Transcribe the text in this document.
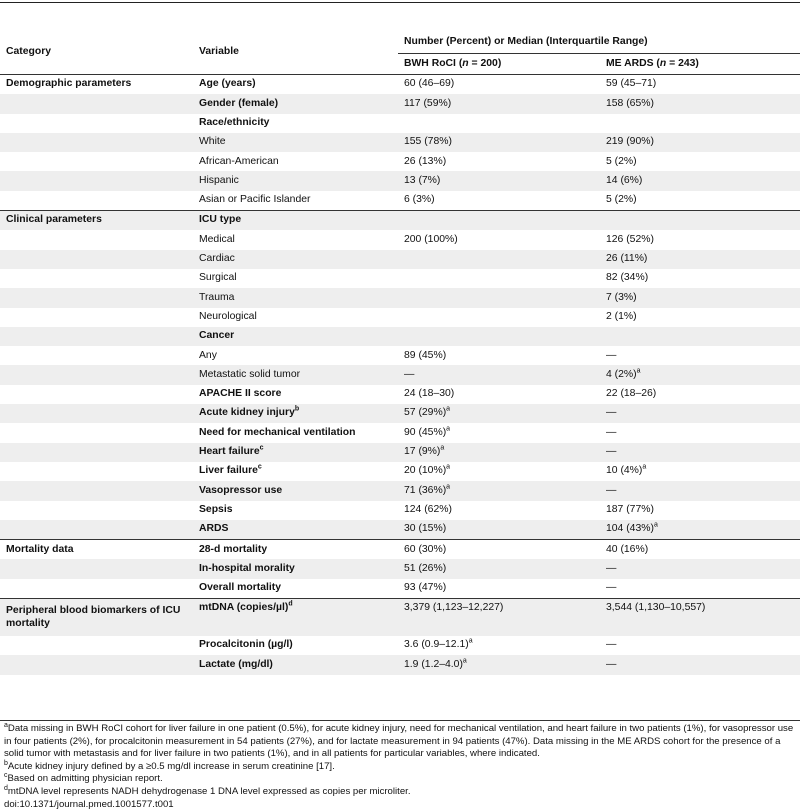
Category	Variable	Number (Percent) or Median (Interquartile Range)	
		BWH RoCI (n = 200)	ME ARDS (n = 243)
Demographic parameters	Age (years)	60 (46–69)	59 (45–71)
	Gender (female)	117 (59%)	158 (65%)
	Race/ethnicity		
	White	155 (78%)	219 (90%)
	African-American	26 (13%)	5 (2%)
	Hispanic	13 (7%)	14 (6%)
	Asian or Pacific Islander	6 (3%)	5 (2%)
Clinical parameters	ICU type		
	Medical	200 (100%)	126 (52%)
	Cardiac		26 (11%)
	Surgical		82 (34%)
	Trauma		7 (3%)
	Neurological		2 (1%)
	Cancer		
	Any	89 (45%)	—
	Metastatic solid tumor	—	4 $(2\%)^a$
	APACHE II score	24 (18–30)	22 (18–26)
	Acute kidney injury$^b$	57 $(29\%)^a$	—
	Need for mechanical ventilation	90 $(45\%)^a$	—
	Heart failure$^c$	17 $(9\%)^a$	—
	Liver failure$^c$	20 $(10\%)^a$	10 $(4\%)^a$
	Vasopressor use	71 $(36\%)^a$	—
	Sepsis	124 (62%)	187 (77%)
	ARDS	30 (15%)	104 $(43\%)^a$
Mortality data	28-d mortality	60 (30%)	40 (16%)
	In-hospital morality	51 (26%)	—
	Overall mortality	93 (47%)	—
Peripheral blood biomarkers of ICU mortality	mtDNA (copies/µl)$^d$	3,379 (1,123–12,227)	3,544 (1,130–10,557)
	Procalcitonin (µg/l)	3.6 $(0.9-12.1)^a$	—
	Lactate (mg/dl)	1.9 $(1.2-4.0)^a$	—

$^a$Data missing in BWH RoCI cohort for liver failure in one patient (0.5%), for acute kidney injury, need for mechanical ventilation, and heart failure in two patients (1%), for vasopressor use in four patients (2%), for procalcitonin measurement in 54 patients (27%), and for lactate measurement in 94 patients (47%). Data missing in the ME ARDS cohort for the presence of a solid tumor with metastasis and for liver failure in two patients (1%), and in all patients for particular variables, where indicated.

$^b$Acute kidney injury defined by a ≥0.5 mg/dl increase in serum creatinine [17].

$^c$Based on admitting physician report.

$^d$mtDNA level represents NADH dehydrogenase 1 DNA level expressed as copies per microliter.

doi:10.1371/journal.pmed.1001577.t001
